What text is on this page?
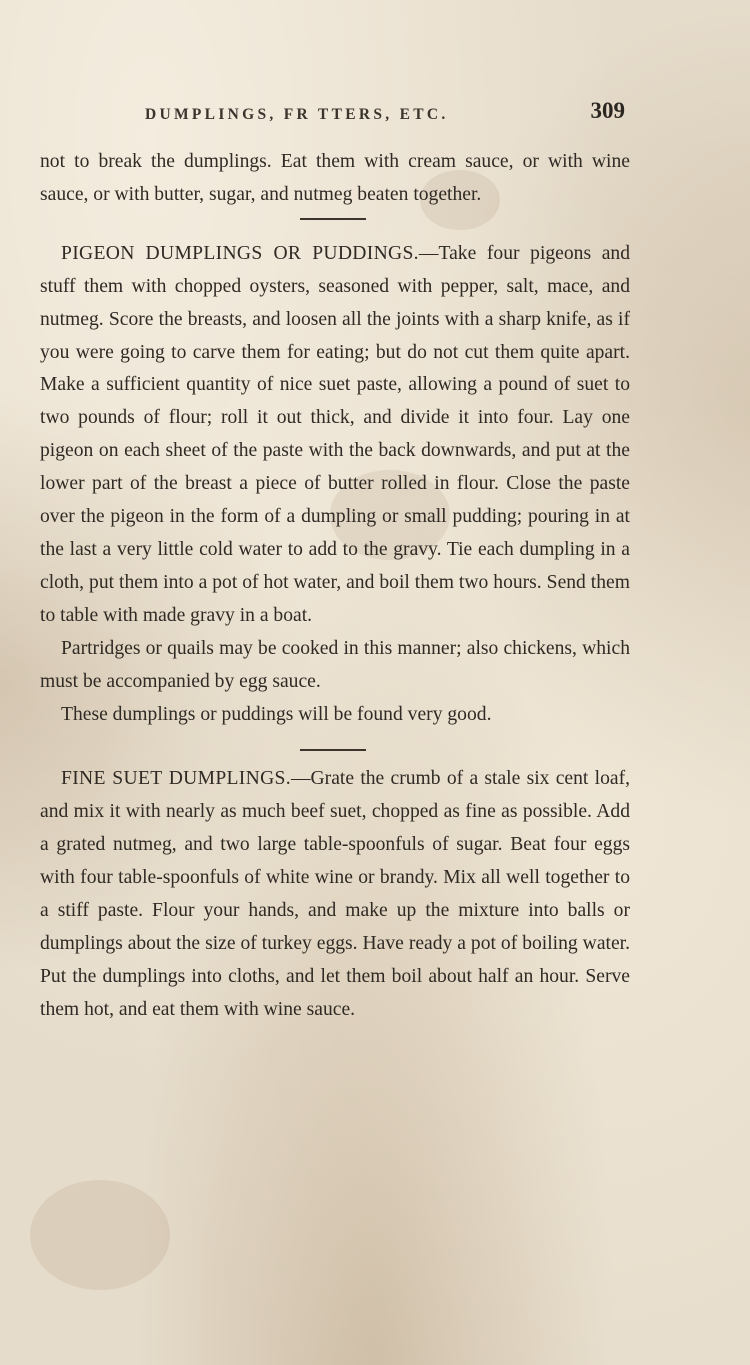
DUMPLINGS, FR TTERS, ETC.	309

not to break the dumplings. Eat them with cream sauce, or with wine sauce, or with butter, sugar, and nutmeg beaten together.

PIGEON DUMPLINGS OR PUDDINGS.—Take four pigeons and stuff them with chopped oysters, seasoned with pepper, salt, mace, and nutmeg. Score the breasts, and loosen all the joints with a sharp knife, as if you were going to carve them for eating; but do not cut them quite apart. Make a sufficient quantity of nice suet paste, allowing a pound of suet to two pounds of flour; roll it out thick, and divide it into four. Lay one pigeon on each sheet of the paste with the back downwards, and put at the lower part of the breast a piece of butter rolled in flour. Close the paste over the pigeon in the form of a dumpling or small pudding; pouring in at the last a very little cold water to add to the gravy. Tie each dumpling in a cloth, put them into a pot of hot water, and boil them two hours. Send them to table with made gravy in a boat.

Partridges or quails may be cooked in this manner; also chickens, which must be accompanied by egg sauce.

These dumplings or puddings will be found very good.

FINE SUET DUMPLINGS.—Grate the crumb of a stale six cent loaf, and mix it with nearly as much beef suet, chopped as fine as possible. Add a grated nutmeg, and two large table-spoonfuls of sugar. Beat four eggs with four table-spoonfuls of white wine or brandy. Mix all well together to a stiff paste. Flour your hands, and make up the mixture into balls or dumplings about the size of turkey eggs. Have ready a pot of boiling water. Put the dumplings into cloths, and let them boil about half an hour. Serve them hot, and eat them with wine sauce.
